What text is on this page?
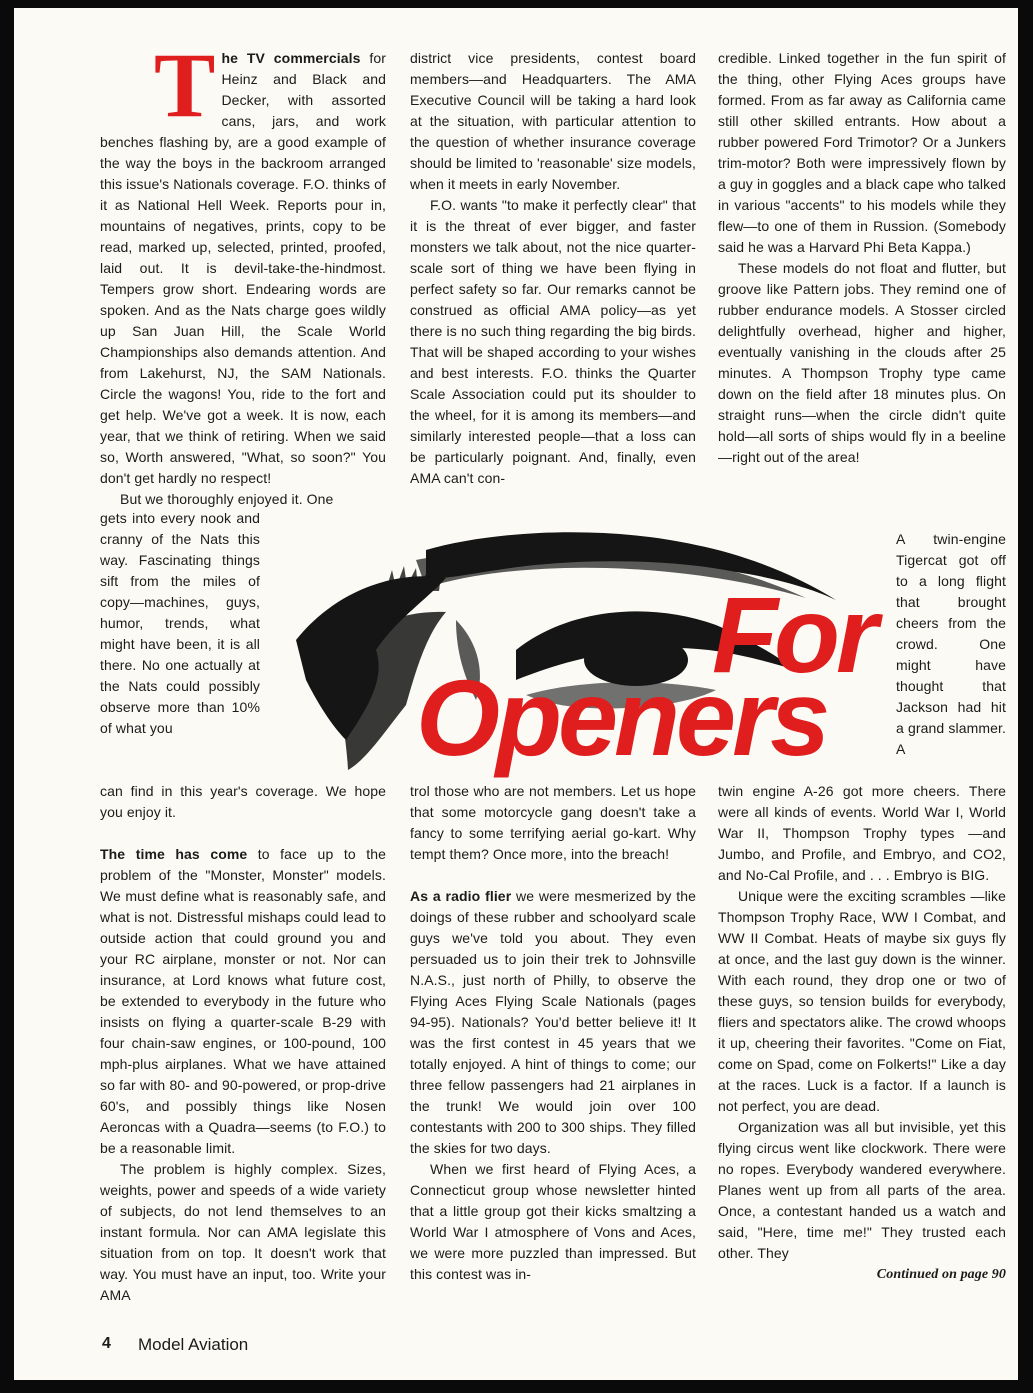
T he TV commercials for Heinz and Black and Decker, with assorted cans, jars, and work benches flashing by, are a good example of the way the boys in the backroom arranged this issue's Nationals coverage. F.O. thinks of it as National Hell Week. Reports pour in, mountains of negatives, prints, copy to be read, marked up, selected, printed, proofed, laid out. It is devil-take-the-hindmost. Tempers grow short. Endearing words are spoken. And as the Nats charge goes wildly up San Juan Hill, the Scale World Championships also demands attention. And from Lakehurst, NJ, the SAM Nationals. Circle the wagons! You, ride to the fort and get help. We've got a week. It is now, each year, that we think of retiring. When we said so, Worth answered, "What, so soon?" You don't get hardly no respect!

But we thoroughly enjoyed it. One

gets into every nook and cranny of the Nats this way. Fascinating things sift from the miles of copy—machines, guys, humor, trends, what might have been, it is all there. No one actually at the Nats could possibly observe more than 10% of what you
For
Openers

can find in this year's coverage. We hope you enjoy it.

The time has come to face up to the problem of the "Monster, Monster" models. We must define what is reasonably safe, and what is not. Distressful mishaps could lead to outside action that could ground you and your RC airplane, monster or not. Nor can insurance, at Lord knows what future cost, be extended to everybody in the future who insists on flying a quarter-scale B-29 with four chain-saw engines, or 100-pound, 100 mph-plus airplanes. What we have attained so far with 80- and 90-powered, or prop-drive 60's, and possibly things like Nosen Aeroncas with a Quadra—seems (to F.O.) to be a reasonable limit.

The problem is highly complex. Sizes, weights, power and speeds of a wide variety of subjects, do not lend themselves to an instant formula. Nor can AMA legislate this situation from on top. It doesn't work that way. You must have an input, too. Write your AMA

district vice presidents, contest board members—and Headquarters. The AMA Executive Council will be taking a hard look at the situation, with particular attention to the question of whether insurance coverage should be limited to 'reasonable' size models, when it meets in early November.

F.O. wants "to make it perfectly clear" that it is the threat of ever bigger, and faster monsters we talk about, not the nice quarter-scale sort of thing we have been flying in perfect safety so far. Our remarks cannot be construed as official AMA policy—as yet there is no such thing regarding the big birds. That will be shaped according to your wishes and best interests. F.O. thinks the Quarter Scale Association could put its shoulder to the wheel, for it is among its members—and similarly interested people—that a loss can be particularly poignant. And, finally, even AMA can't con-

trol those who are not members. Let us hope that some motorcycle gang doesn't take a fancy to some terrifying aerial go-kart. Why tempt them? Once more, into the breach!

As a radio flier we were mesmerized by the doings of these rubber and schoolyard scale guys we've told you about. They even persuaded us to join their trek to Johnsville N.A.S., just north of Philly, to observe the Flying Aces Flying Scale Nationals (pages 94-95). Nationals? You'd better believe it! It was the first contest in 45 years that we totally enjoyed. A hint of things to come; our three fellow passengers had 21 airplanes in the trunk! We would join over 100 contestants with 200 to 300 ships. They filled the skies for two days.

When we first heard of Flying Aces, a Connecticut group whose newsletter hinted that a little group got their kicks smaltzing a World War I atmosphere of Vons and Aces, we were more puzzled than impressed. But this contest was in-

credible. Linked together in the fun spirit of the thing, other Flying Aces groups have formed. From as far away as California came still other skilled entrants. How about a rubber powered Ford Trimotor? Or a Junkers trim-motor? Both were impressively flown by a guy in goggles and a black cape who talked in various "accents" to his models while they flew—to one of them in Russion. (Somebody said he was a Harvard Phi Beta Kappa.)

These models do not float and flutter, but groove like Pattern jobs. They remind one of rubber endurance models. A Stosser circled delightfully overhead, higher and higher, eventually vanishing in the clouds after 25 minutes. A Thompson Trophy type came down on the field after 18 minutes plus. On straight runs—when the circle didn't quite hold—all sorts of ships would fly in a beeline—right out of the area!

A twin-engine Tigercat got off to a long flight that brought cheers from the crowd. One might have thought that Jackson had hit a grand slammer. A

twin engine A-26 got more cheers. There were all kinds of events. World War I, World War II, Thompson Trophy types —and Jumbo, and Profile, and Embryo, and CO2, and No-Cal Profile, and . . . Embryo is BIG.

Unique were the exciting scrambles —like Thompson Trophy Race, WW I Combat, and WW II Combat. Heats of maybe six guys fly at once, and the last guy down is the winner. With each round, they drop one or two of these guys, so tension builds for everybody, fliers and spectators alike. The crowd whoops it up, cheering their favorites. "Come on Fiat, come on Spad, come on Folkerts!" Like a day at the races. Luck is a factor. If a launch is not perfect, you are dead.

Organization was all but invisible, yet this flying circus went like clockwork. There were no ropes. Everybody wandered everywhere. Planes went up from all parts of the area. Once, a contestant handed us a watch and said, "Here, time me!" They trusted each other. They

Continued on page 90
4 Model Aviation
